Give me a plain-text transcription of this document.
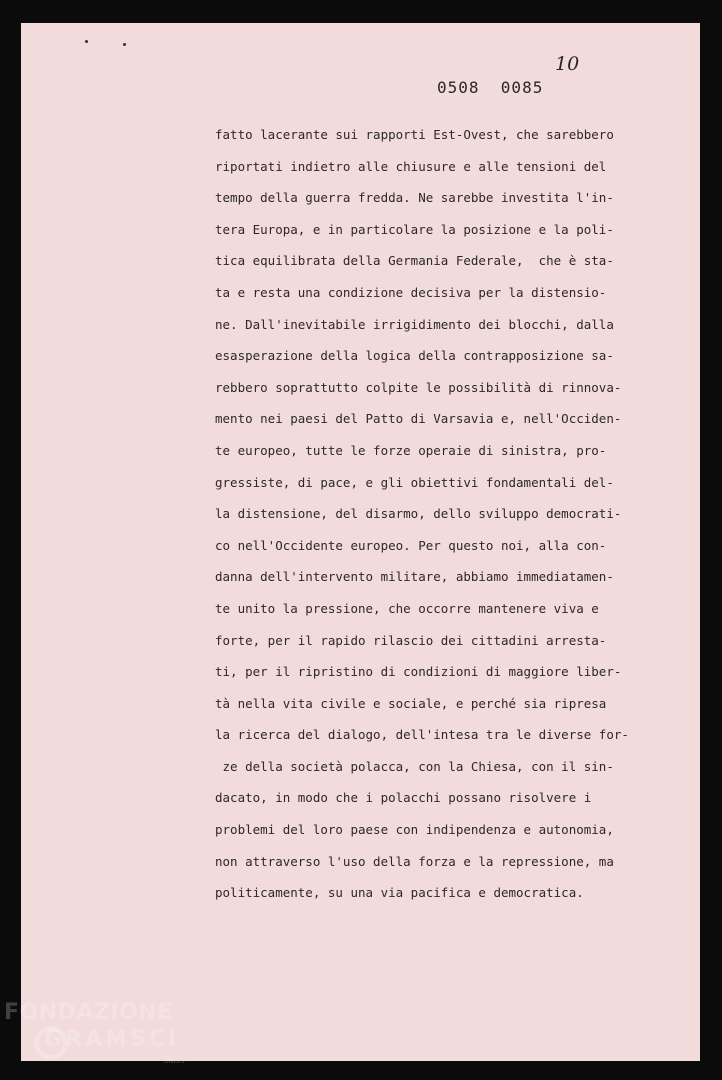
0508  0085
10
fatto lacerante sui rapporti Est-Ovest, che sarebbero
riportati indietro alle chiusure e alle tensioni del
tempo della guerra fredda. Ne sarebbe investita l'in-
tera Europa, e in particolare la posizione e la poli-
tica equilibrata della Germania Federale,  che è sta-
ta e resta una condizione decisiva per la distensio-
ne. Dall'inevitabile irrigidimento dei blocchi, dalla
esasperazione della logica della contrapposizione sa-
rebbero soprattutto colpite le possibilità di rinnova-
mento nei paesi del Patto di Varsavia e, nell'Occiden-
te europeo, tutte le forze operaie di sinistra, pro-
gressiste, di pace, e gli obiettivi fondamentali del-
la distensione, del disarmo, dello sviluppo democrati-
co nell'Occidente europeo. Per questo noi, alla con-
danna dell'intervento militare, abbiamo immediatamen-
te unito la pressione, che occorre mantenere viva e
forte, per il rapido rilascio dei cittadini arresta-
ti, per il ripristino di condizioni di maggiore liber-
tà nella vita civile e sociale, e perché sia ripresa
la ricerca del dialogo, dell'intesa tra le diverse for-
ze della società polacca, con la Chiesa, con il sin-
dacato, in modo che i polacchi possano risolvere i
problemi del loro paese con indipendenza e autonomia,
non attraverso l'uso della forza e la repressione, ma
politicamente, su una via pacifica e democratica.
FONDAZIONE
GRAMSCI
ONLUS
